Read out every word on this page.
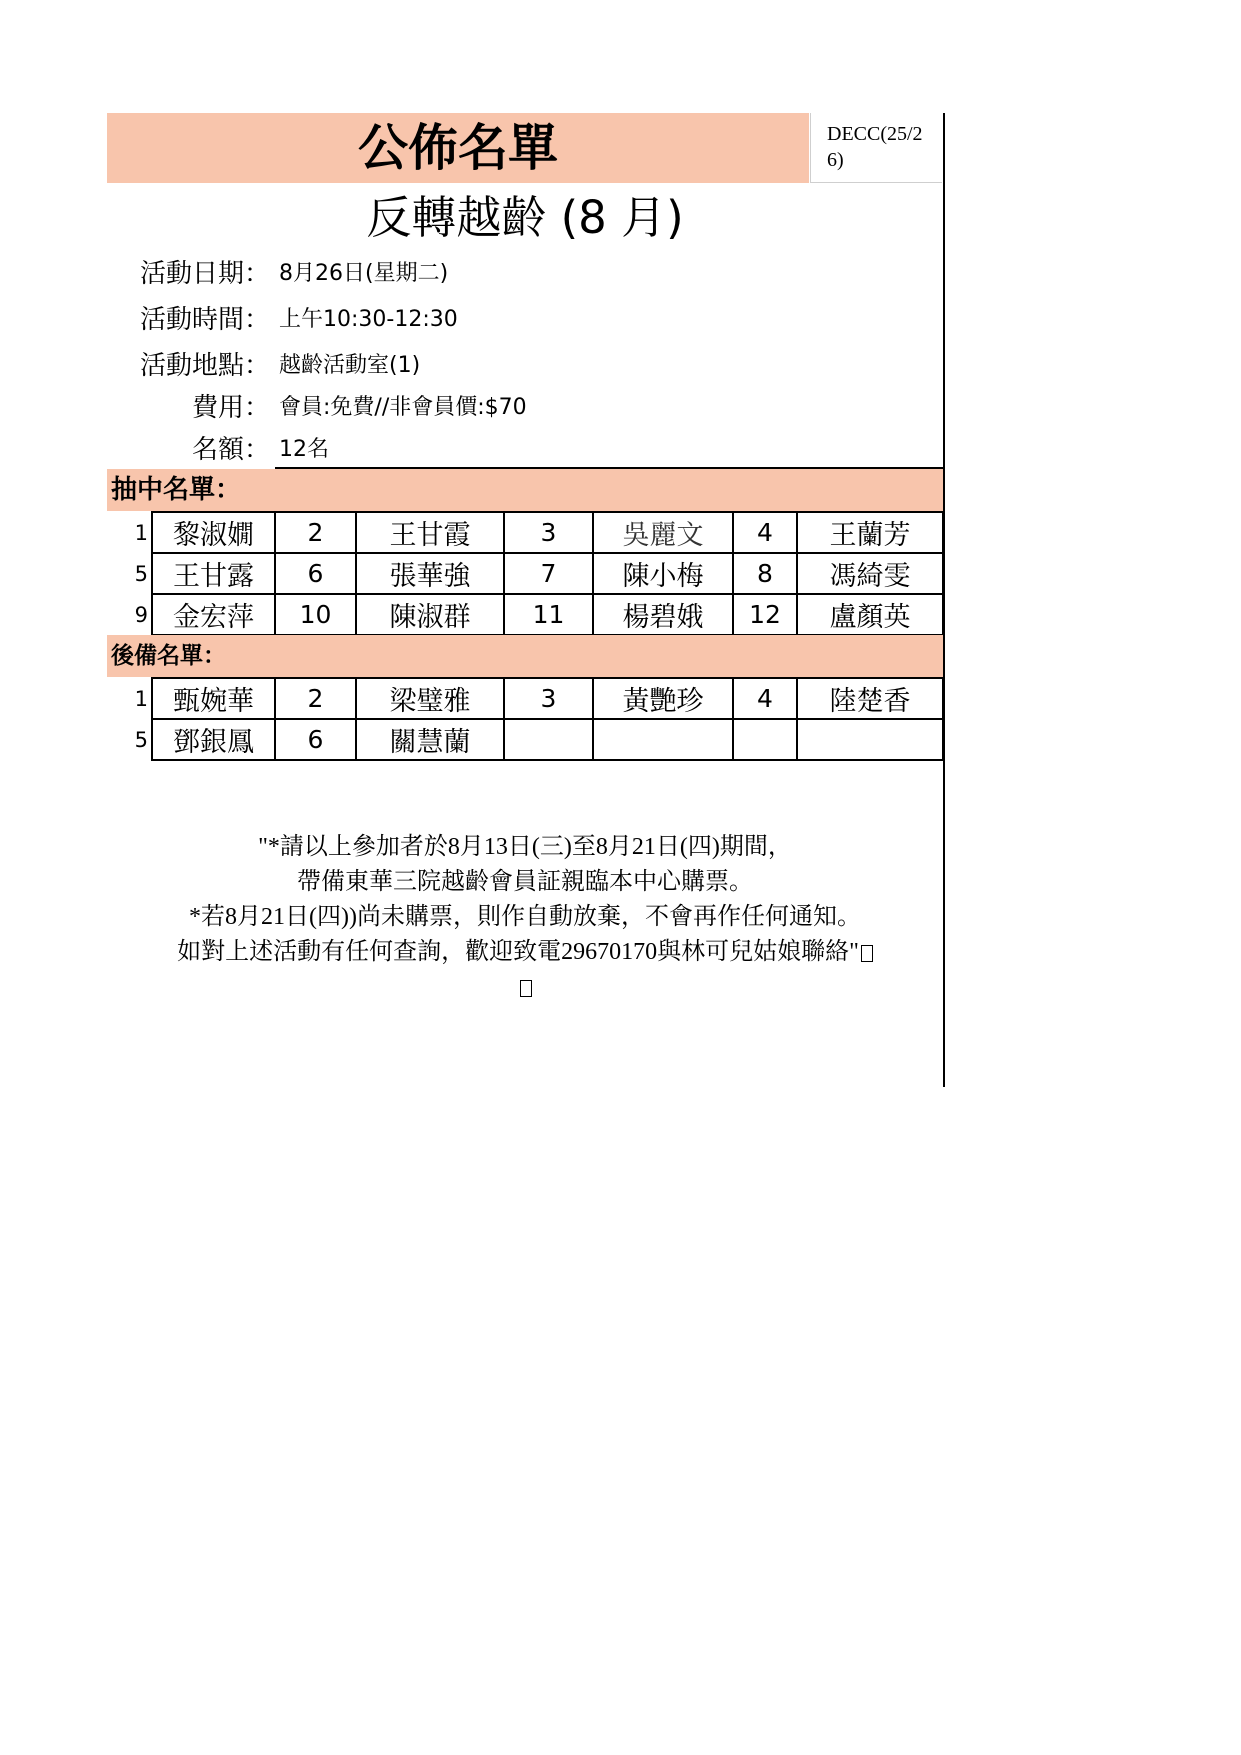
公佈名單	DECC(25/26)
反轉越齡 (8 月)
活動日期： 8月26日(星期二)
活動時間： 上午10:30-12:30
活動地點： 越齡活動室(1)
費用： 會員:免費//非會員價:$70
名額： 12名
抽中名單：
1	黎淑嫺	2	王甘霞	3	吳麗文	4	王蘭芳
5	王甘露	6	張華強	7	陳小梅	8	馮綺雯
9	金宏萍	10	陳淑群	11	楊碧娥	12	盧顏英
後備名單：
1	甄婉華	2	梁璧雅	3	黃艷珍	4	陸楚香
5	鄧銀鳳	6	關慧蘭				
"*請以上參加者於8月13日(三)至8月21日(四)期間，
帶備東華三院越齡會員証親臨本中心購票。
*若8月21日(四))尚未購票，則作自動放棄，不會再作任何通知。
如對上述活動有任何查詢，歡迎致電29670170與林可兒姑娘聯絡"
